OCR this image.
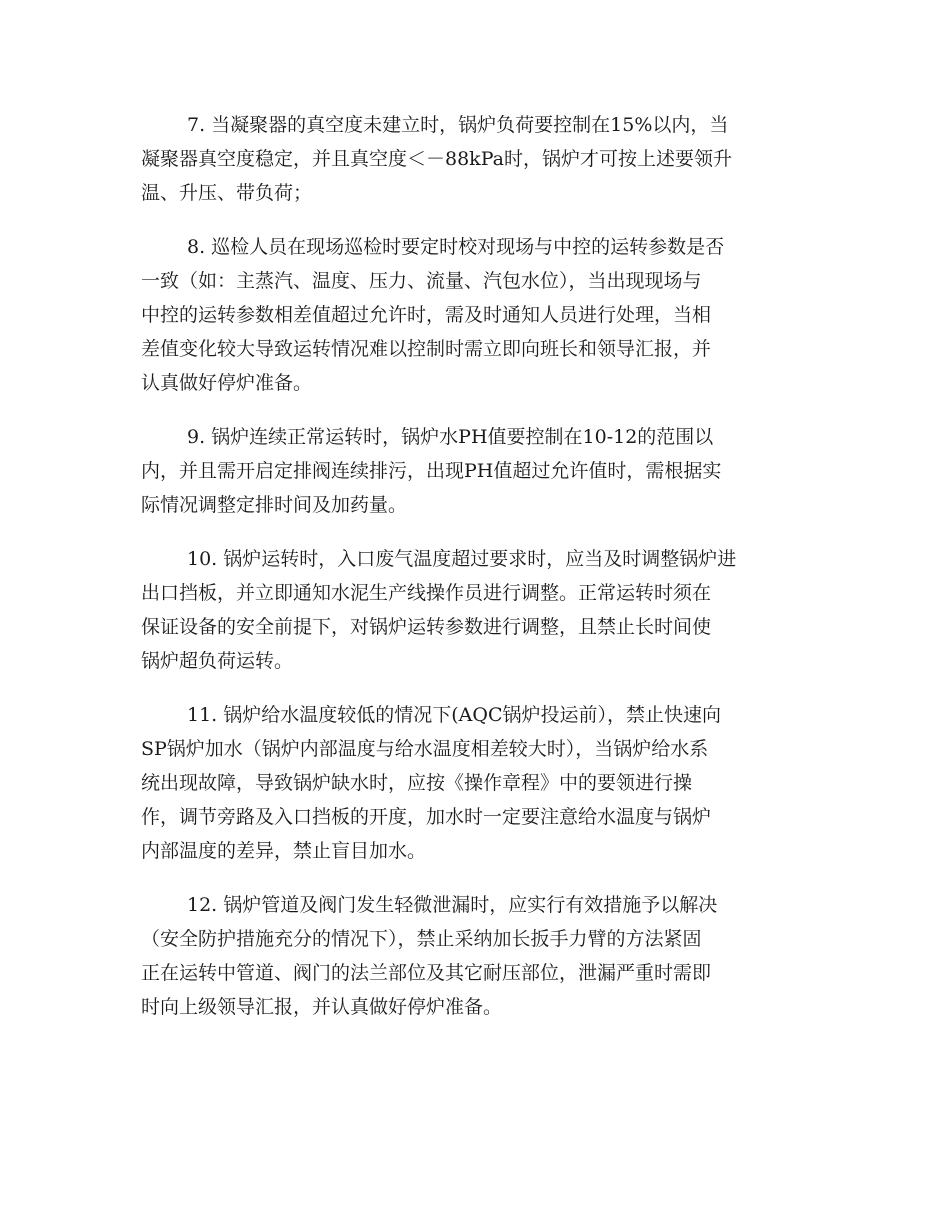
7. 当凝聚器的真空度未建立时，锅炉负荷要控制在15%以内，当
凝聚器真空度稳定，并且真空度＜－88kPa时，锅炉才可按上述要领升
温、升压、带负荷；

8. 巡检人员在现场巡检时要定时校对现场与中控的运转参数是否
一致（如：主蒸汽、温度、压力、流量、汽包水位），当出现现场与
中控的运转参数相差值超过允许时，需及时通知人员进行处理，当相
差值变化较大导致运转情况难以控制时需立即向班长和领导汇报，并
认真做好停炉准备。

9. 锅炉连续正常运转时，锅炉水PH值要控制在10-12的范围以
内，并且需开启定排阀连续排污，出现PH值超过允许值时，需根据实
际情况调整定排时间及加药量。

10. 锅炉运转时，入口废气温度超过要求时，应当及时调整锅炉进
出口挡板，并立即通知水泥生产线操作员进行调整。正常运转时须在
保证设备的安全前提下，对锅炉运转参数进行调整，且禁止长时间使
锅炉超负荷运转。

11. 锅炉给水温度较低的情况下(AQC锅炉投运前），禁止快速向
SP锅炉加水（锅炉内部温度与给水温度相差较大时），当锅炉给水系
统出现故障，导致锅炉缺水时，应按《操作章程》中的要领进行操
作，调节旁路及入口挡板的开度，加水时一定要注意给水温度与锅炉
内部温度的差异，禁止盲目加水。

12. 锅炉管道及阀门发生轻微泄漏时，应实行有效措施予以解决
（安全防护措施充分的情况下），禁止采纳加长扳手力臂的方法紧固
正在运转中管道、阀门的法兰部位及其它耐压部位，泄漏严重时需即
时向上级领导汇报，并认真做好停炉准备。
